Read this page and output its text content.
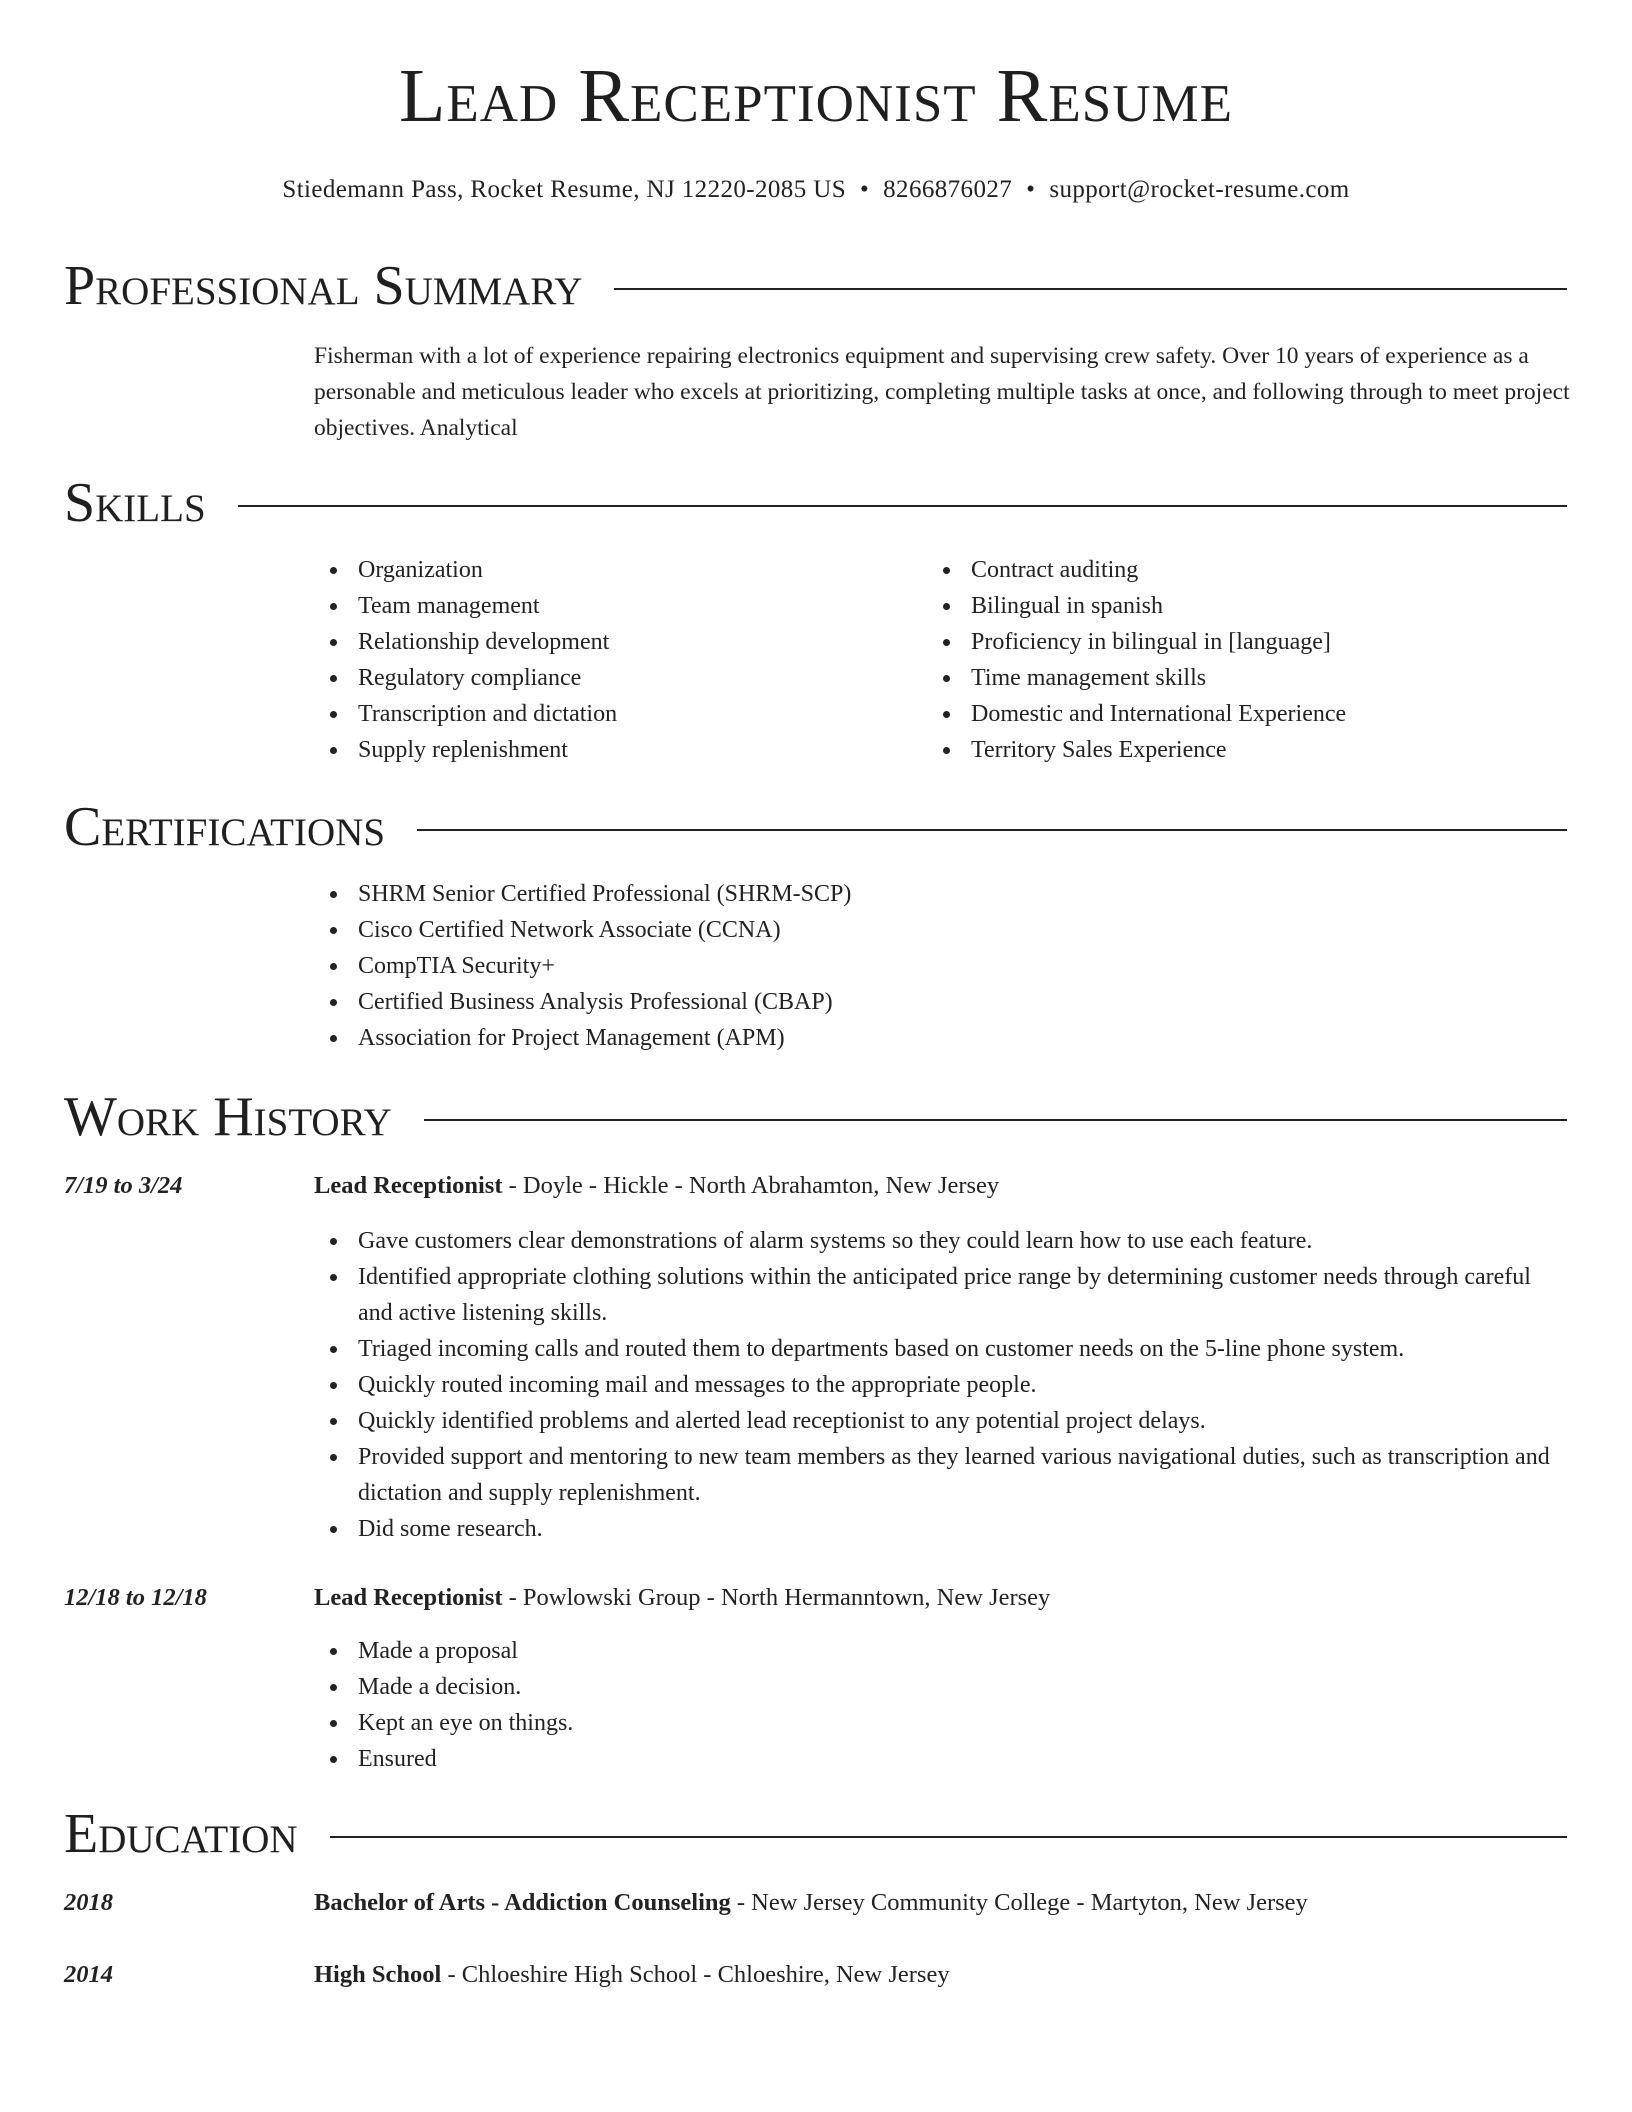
Lead Receptionist Resume
Stiedemann Pass, Rocket Resume, NJ 12220-2085 US • 8266876027 • support@rocket-resume.com
Professional Summary
Fisherman with a lot of experience repairing electronics equipment and supervising crew safety. Over 10 years of experience as a personable and meticulous leader who excels at prioritizing, completing multiple tasks at once, and following through to meet project objectives. Analytical
Skills
Organization
Team management
Relationship development
Regulatory compliance
Transcription and dictation
Supply replenishment
Contract auditing
Bilingual in spanish
Proficiency in bilingual in [language]
Time management skills
Domestic and International Experience
Territory Sales Experience
Certifications
SHRM Senior Certified Professional (SHRM-SCP)
Cisco Certified Network Associate (CCNA)
CompTIA Security+
Certified Business Analysis Professional (CBAP)
Association for Project Management (APM)
Work History
7/19 to 3/24	Lead Receptionist - Doyle - Hickle - North Abrahamton, New Jersey
Gave customers clear demonstrations of alarm systems so they could learn how to use each feature.
Identified appropriate clothing solutions within the anticipated price range by determining customer needs through careful and active listening skills.
Triaged incoming calls and routed them to departments based on customer needs on the 5-line phone system.
Quickly routed incoming mail and messages to the appropriate people.
Quickly identified problems and alerted lead receptionist to any potential project delays.
Provided support and mentoring to new team members as they learned various navigational duties, such as transcription and dictation and supply replenishment.
Did some research.
12/18 to 12/18	Lead Receptionist - Powlowski Group - North Hermanntown, New Jersey
Made a proposal
Made a decision.
Kept an eye on things.
Ensured
Education
2018	Bachelor of Arts - Addiction Counseling - New Jersey Community College - Martyton, New Jersey
2014	High School - Chloeshire High School - Chloeshire, New Jersey
